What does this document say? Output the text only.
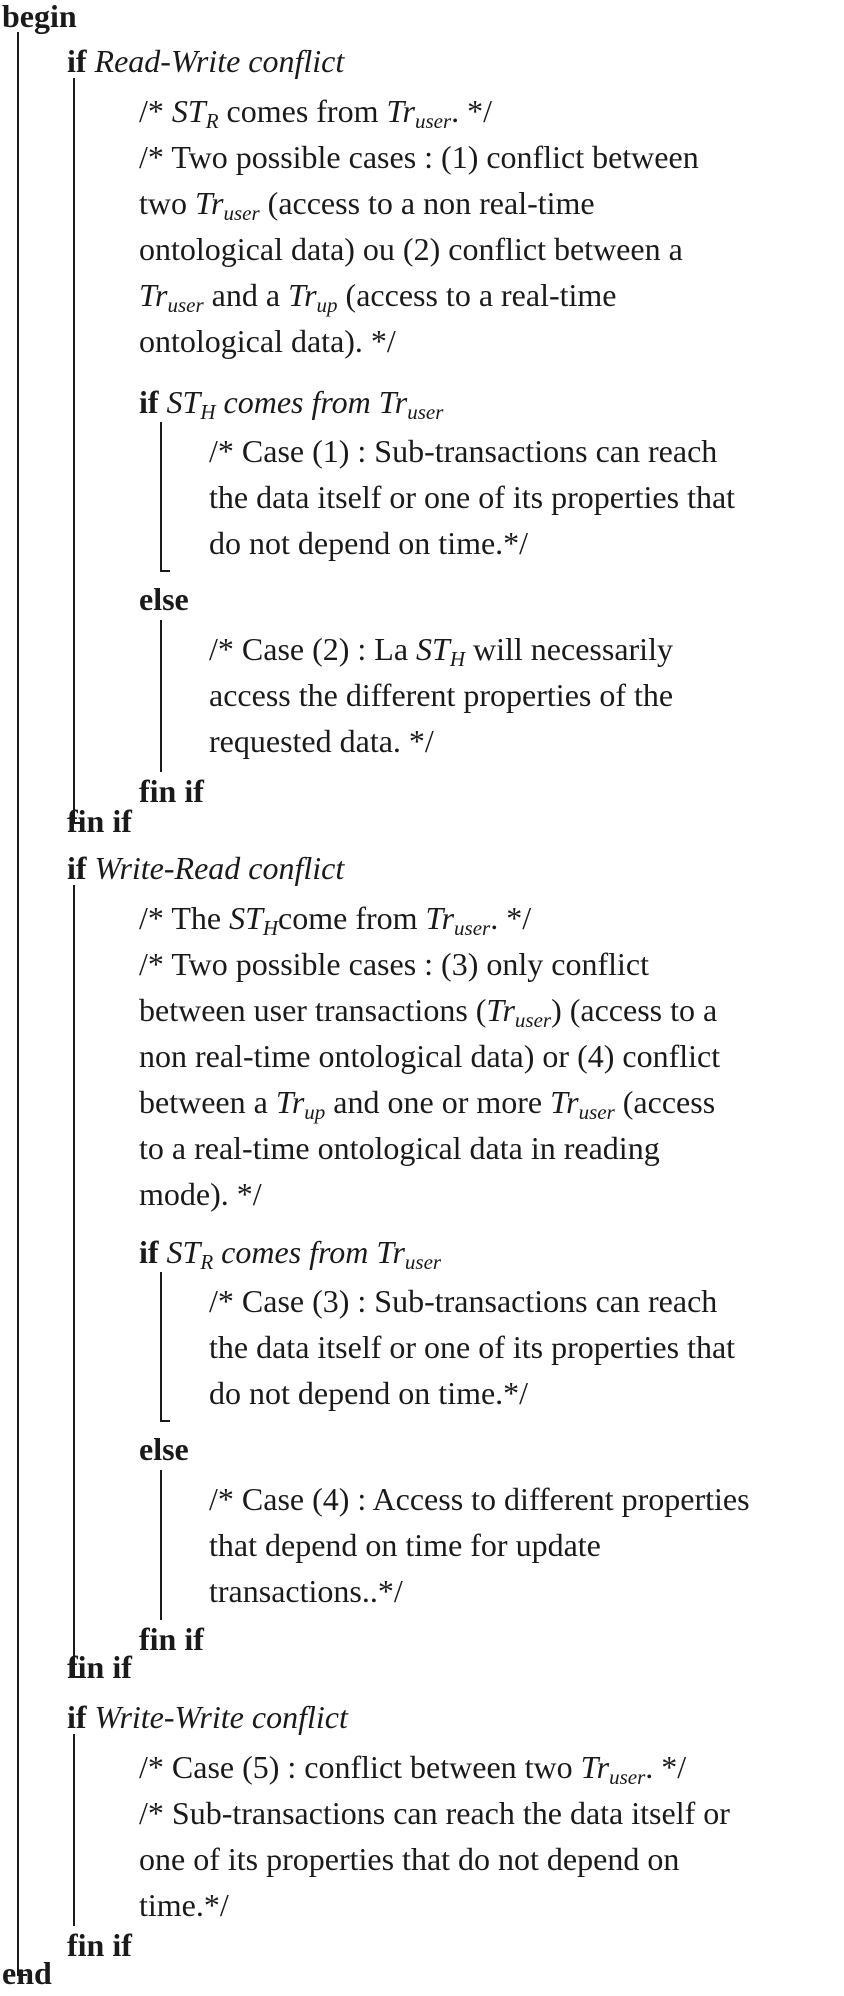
begin
if Read-Write conflict
/* $ST_R$ comes from $Tr_{user}$. */
/* Two possible cases : (1) conflict between
two $Tr_{user}$ (access to a non real-time
ontological data) ou (2) conflict between a
$Tr_{user}$ and a $Tr_{up}$ (access to a real-time
ontological data). */
if $ST_H$ comes from $Tr_{user}$
/* Case (1) : Sub-transactions can reach
the data itself or one of its properties that
do not depend on time.*/
else
/* Case (2) : La $ST_H$ will necessarily
access the different properties of the
requested data. */
fin if
fin if
if Write-Read conflict
/* The $ST_Hcome$ from $Tr_{user}$. */
/* Two possible cases : (3) only conflict
between user transactions $(Tr_{user})$ (access to a
non real-time ontological data) or (4) conflict
between a $Tr_{up}$ and one or more $Tr_{user}$ (access
to a real-time ontological data in reading
mode). */
if $ST_R$ comes from $Tr_{user}$
/* Case (3) : Sub-transactions can reach
the data itself or one of its properties that
do not depend on time.*/
else
/* Case (4) : Access to different properties
that depend on time for update
transactions..*/
fin if
fin if
if Write-Write conflict
/* Case (5) : conflict between two $Tr_{user}$. */
/* Sub-transactions can reach the data itself or
one of its properties that do not depend on
time.*/
fin if
end
